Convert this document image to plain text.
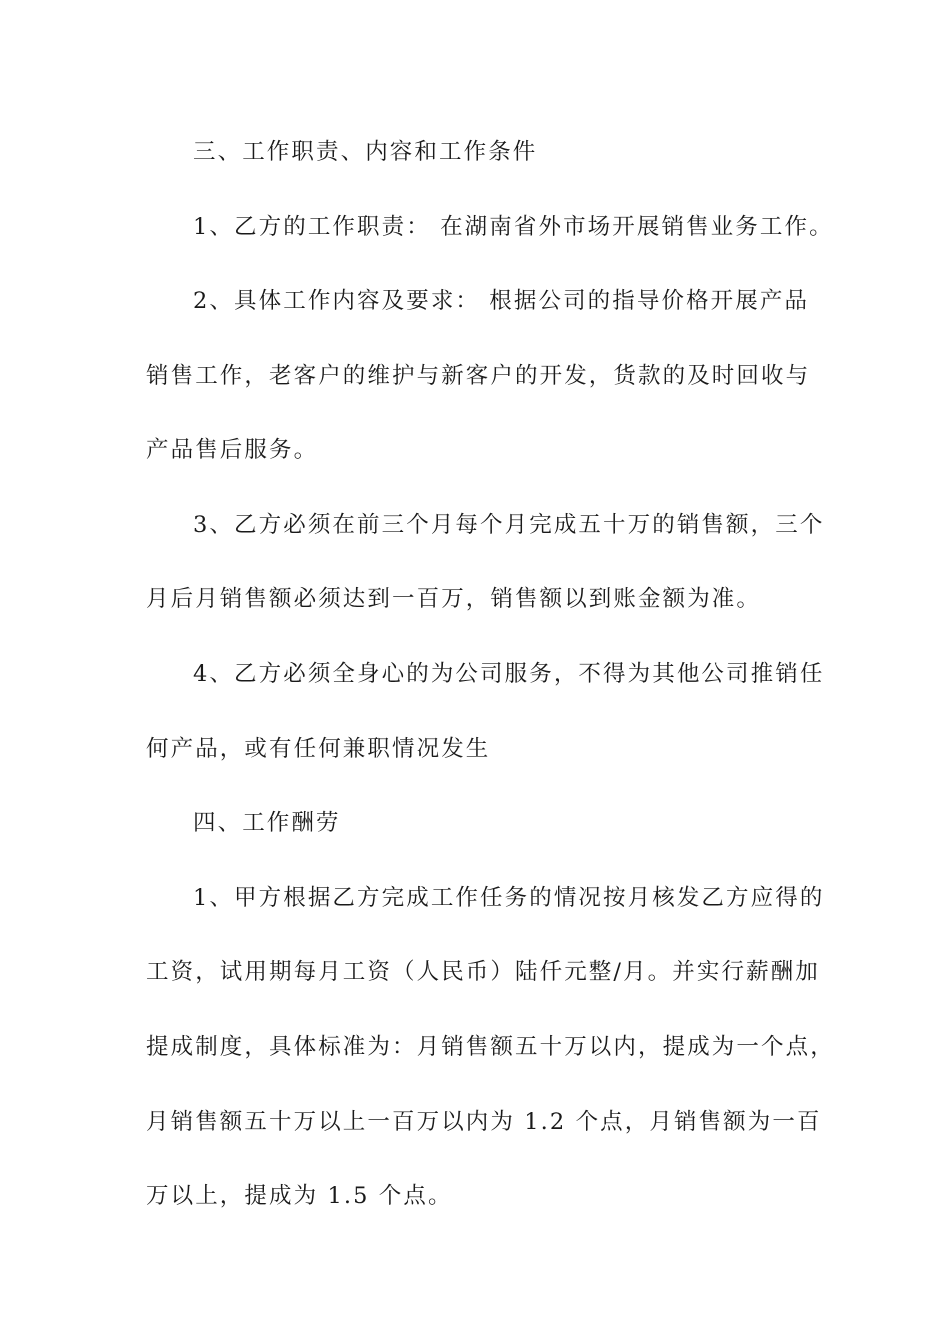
三、工作职责、内容和工作条件
1、乙方的工作职责： 在湖南省外市场开展销售业务工作。
2、具体工作内容及要求： 根据公司的指导价格开展产品
销售工作，老客户的维护与新客户的开发，货款的及时回收与
产品售后服务。
3、乙方必须在前三个月每个月完成五十万的销售额，三个
月后月销售额必须达到一百万，销售额以到账金额为准。
4、乙方必须全身心的为公司服务，不得为其他公司推销任
何产品，或有任何兼职情况发生
四、工作酬劳
1、甲方根据乙方完成工作任务的情况按月核发乙方应得的
工资，试用期每月工资（人民币）陆仟元整/月。并实行薪酬加
提成制度，具体标准为：月销售额五十万以内，提成为一个点，
月销售额五十万以上一百万以内为 1.2 个点，月销售额为一百
万以上，提成为 1.5 个点。
